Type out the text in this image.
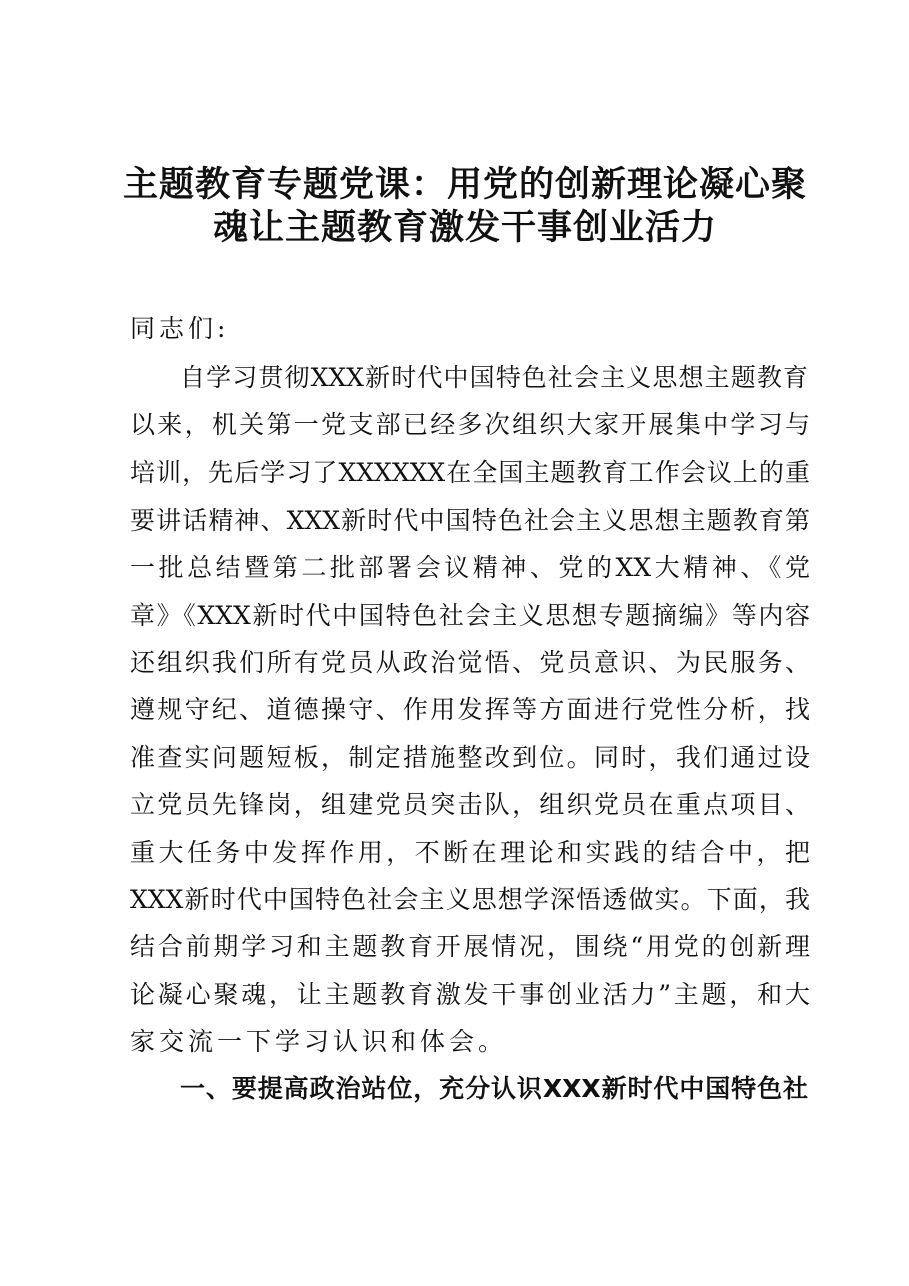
主题教育专题党课：用党的创新理论凝心聚
魂让主题教育激发干事创业活力

同志们:

自学习贯彻XXX新时代中国特色社会主义思想主题教育

以来，机关第一党支部已经多次组织大家开展集中学习与

培训，先后学习了XXXXXX在全国主题教育工作会议上的重

要讲话精神、XXX新时代中国特色社会主义思想主题教育第

一批总结暨第二批部署会议精神、党的XX大精神、《党

章》《XXX新时代中国特色社会主义思想专题摘编》等内容

还组织我们所有党员从政治觉悟、党员意识、为民服务、

遵规守纪、道德操守、作用发挥等方面进行党性分析，找

准查实问题短板，制定措施整改到位。同时，我们通过设

立党员先锋岗，组建党员突击队，组织党员在重点项目、

重大任务中发挥作用，不断在理论和实践的结合中，把

XXX新时代中国特色社会主义思想学深悟透做实。下面，我

结合前期学习和主题教育开展情况，围绕“用党的创新理

论凝心聚魂，让主题教育激发干事创业活力”主题，和大

家交流一下学习认识和体会。

一、要提高政治站位，充分认识XXX新时代中国特色社
